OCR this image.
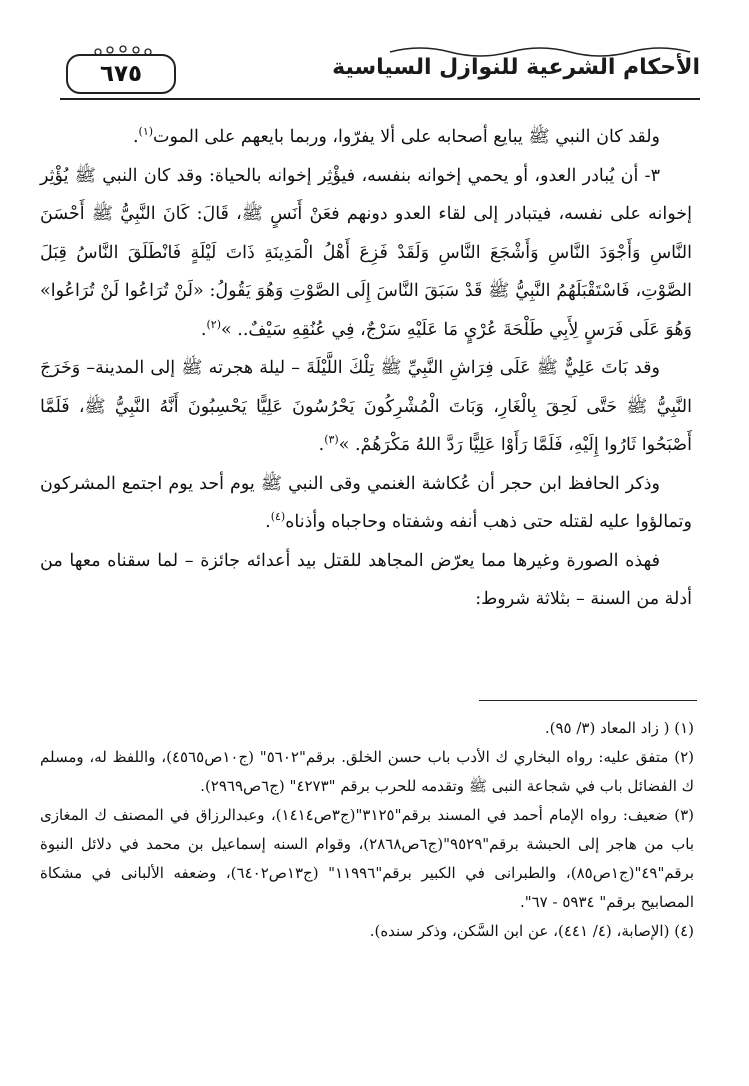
الأحكام الشرعية للنوازل السياسية
٦٧٥

ولقد كان النبي ﷺ يبايع أصحابه على ألا يفرّوا، وربما بايعهم على الموت$^{(١)}$.

٣- أن يُبادر العدو، أو يحمي إخوانه بنفسه، فيؤْثِر إخوانه بالحياة: وقد كان النبي ﷺ يُؤْثِر إخوانه على نفسه، فيتبادر إلى لقاء العدو دونهم فعَنْ أَنَسٍ ﷺ، قَالَ: كَانَ النَّبِيُّ ﷺ أَحْسَنَ النَّاسِ وَأَجْوَدَ النَّاسِ وَأَشْجَعَ النَّاسِ وَلَقَدْ فَزِعَ أَهْلُ الْمَدِينَةِ ذَاتَ لَيْلَةٍ فَانْطَلَقَ النَّاسُ قِبَلَ الصَّوْتِ، فَاسْتَقْبَلَهُمُ النَّبِيُّ ﷺ قَدْ سَبَقَ النَّاسَ إِلَى الصَّوْتِ وَهُوَ يَقُولُ: «لَنْ تُرَاعُوا لَنْ تُرَاعُوا» وَهُوَ عَلَى فَرَسٍ لِأَبِي طَلْحَةَ عُرْيٍ مَا عَلَيْهِ سَرْجٌ، فِي عُنُقِهِ سَيْفٌ.. »$^{(٢)}$.

وقد بَاتَ عَلِيٌّ ﷺ عَلَى فِرَاشِ النَّبِيِّ ﷺ تِلْكَ اللَّيْلَةَ – ليلة هجرته ﷺ إلى المدينة– وَخَرَجَ النَّبِيُّ ﷺ حَتَّى لَحِقَ بِالْغَارِ، وَبَاتَ الْمُشْرِكُونَ يَحْرُسُونَ عَلِيًّا يَحْسِبُونَ أَنَّهُ النَّبِيُّ ﷺ، فَلَمَّا أَصْبَحُوا ثَارُوا إِلَيْهِ، فَلَمَّا رَأَوْا عَلِيًّا رَدَّ اللهُ مَكْرَهُمْ. »$^{(٣)}$.

وذكر الحافظ ابن حجر أن عُكاشة الغنمي وقى النبي ﷺ يوم أحد يوم اجتمع المشركون وتمالؤوا عليه لقتله حتى ذهب أنفه وشفتاه وحاجباه وأذناه$^{(٤)}$.

فهذه الصورة وغيرها مما يعرّض المجاهد للقتل بيد أعدائه جائزة – لما سقناه معها من أدلة من السنة – بثلاثة شروط:

(١) ( زاد المعاد (٣/ ٩٥).

(٢) متفق عليه: رواه البخاري ك الأدب باب حسن الخلق. برقم"٥٦٠٢" (ج١٠ص٤٥٦٥)، واللفظ له، ومسلم ك الفضائل باب في شجاعة النبى ﷺ وتقدمه للحرب برقم "٤٢٧٣" (ج٦ص٢٩٦٩).

(٣) ضعيف: رواه الإمام أحمد في المسند برقم"٣١٢٥"(ج٣ص١٤١٤)، وعبدالرزاق في المصنف ك المغازى باب من هاجر إلى الحبشة برقم"٩٥٢٩"(ج٦ص٢٨٦٨)، وقوام السنه إسماعيل بن محمد في دلائل النبوة برقم"٤٩"(ج١ص٨٥)، والطبرانى في الكبير برقم"١١٩٩٦" (ج١٣ص٦٤٠٢)، وضعفه الألبانى في مشكاة المصابيح برقم" ٥٩٣٤ - ٦٧".

(٤) (الإصابة، (٤/ ٤٤١)، عن ابن السَّكن، وذكر سنده).
